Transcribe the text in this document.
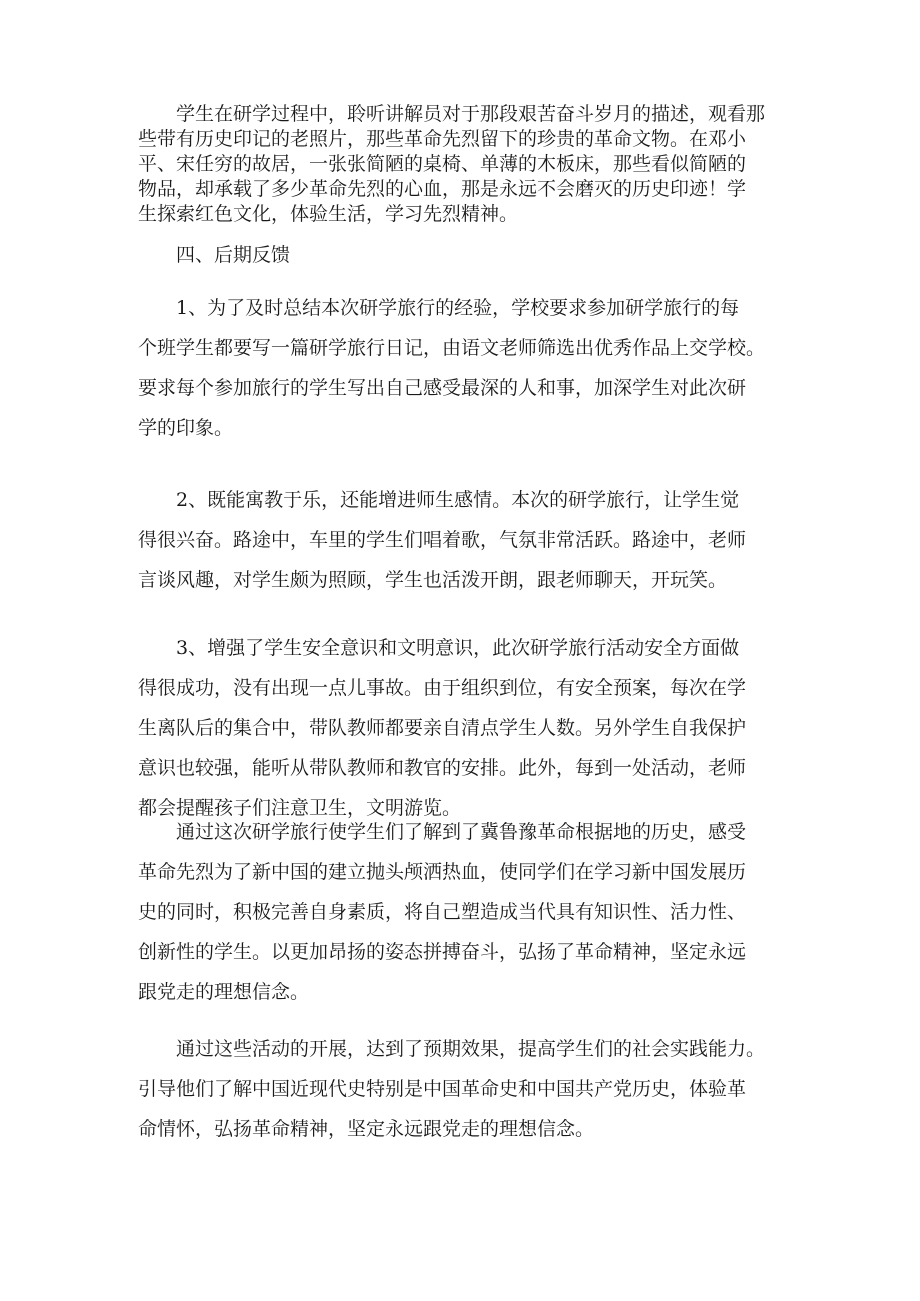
学生在研学过程中，聆听讲解员对于那段艰苦奋斗岁月的描述，观看那
些带有历史印记的老照片，那些革命先烈留下的珍贵的革命文物。在邓小
平、宋任穷的故居，一张张简陋的桌椅、单薄的木板床，那些看似简陋的
物品，却承载了多少革命先烈的心血，那是永远不会磨灭的历史印迹！学
生探索红色文化，体验生活，学习先烈精神。
四、后期反馈
1、为了及时总结本次研学旅行的经验，学校要求参加研学旅行的每
个班学生都要写一篇研学旅行日记，由语文老师筛选出优秀作品上交学校。
要求每个参加旅行的学生写出自己感受最深的人和事，加深学生对此次研
学的印象。
2、既能寓教于乐，还能增进师生感情。本次的研学旅行，让学生觉
得很兴奋。路途中，车里的学生们唱着歌，气氛非常活跃。路途中，老师
言谈风趣，对学生颇为照顾，学生也活泼开朗，跟老师聊天，开玩笑。
3、增强了学生安全意识和文明意识，此次研学旅行活动安全方面做
得很成功，没有出现一点儿事故。由于组织到位，有安全预案，每次在学
生离队后的集合中，带队教师都要亲自清点学生人数。另外学生自我保护
意识也较强，能听从带队教师和教官的安排。此外，每到一处活动，老师
都会提醒孩子们注意卫生，文明游览。
通过这次研学旅行使学生们了解到了冀鲁豫革命根据地的历史，感受
革命先烈为了新中国的建立抛头颅洒热血，使同学们在学习新中国发展历
史的同时，积极完善自身素质，将自己塑造成当代具有知识性、活力性、
创新性的学生。以更加昂扬的姿态拼搏奋斗，弘扬了革命精神，坚定永远
跟党走的理想信念。
通过这些活动的开展，达到了预期效果，提高学生们的社会实践能力。
引导他们了解中国近现代史特别是中国革命史和中国共产党历史，体验革
命情怀，弘扬革命精神，坚定永远跟党走的理想信念。
